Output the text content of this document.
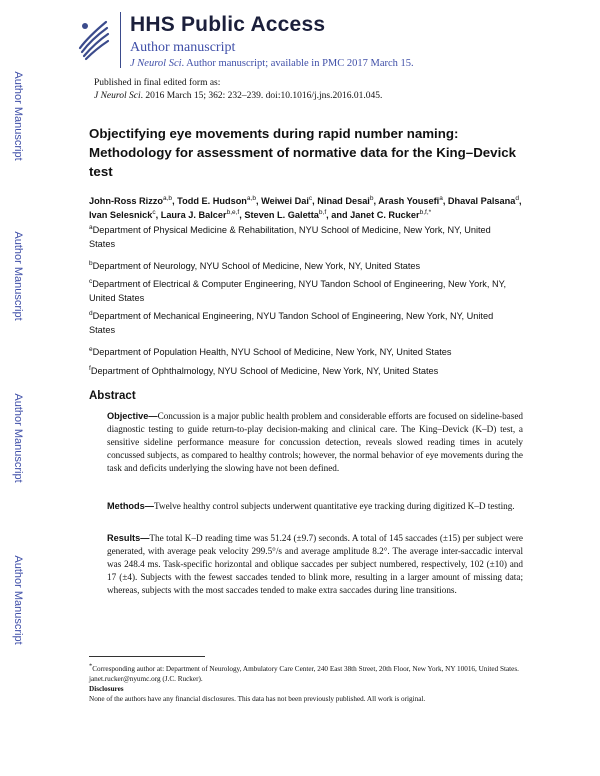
HHS Public Access
Author manuscript
J Neurol Sci. Author manuscript; available in PMC 2017 March 15.
Published in final edited form as:
J Neurol Sci. 2016 March 15; 362: 232–239. doi:10.1016/j.jns.2016.01.045.
Author Manuscript
Author Manuscript
Author Manuscript
Author Manuscript
Objectifying eye movements during rapid number naming: Methodology for assessment of normative data for the King–Devick test
John-Ross Rizzo$^{a,b}$, Todd E. Hudson$^{a,b}$, Weiwei Dai$^c$, Ninad Desai$^b$, Arash Yousefi$^a$, Dhaval Palsana$^d$, Ivan Selesnick$^c$, Laura J. Balcer$^{b,e,f}$, Steven L. Galetta$^{b,f}$, and Janet C. Rucker$^{b,f,*}$
$^a$Department of Physical Medicine & Rehabilitation, NYU School of Medicine, New York, NY, United States
$^b$Department of Neurology, NYU School of Medicine, New York, NY, United States
$^c$Department of Electrical & Computer Engineering, NYU Tandon School of Engineering, New York, NY, United States
$^d$Department of Mechanical Engineering, NYU Tandon School of Engineering, New York, NY, United States
$^e$Department of Population Health, NYU School of Medicine, New York, NY, United States
$^f$Department of Ophthalmology, NYU School of Medicine, New York, NY, United States
Abstract
Objective—Concussion is a major public health problem and considerable efforts are focused on sideline-based diagnostic testing to guide return-to-play decision-making and clinical care. The King–Devick (K–D) test, a sensitive sideline performance measure for concussion detection, reveals slowed reading times in acutely concussed subjects, as compared to healthy controls; however, the normal behavior of eye movements during the task and deficits underlying the slowing have not been defined.
Methods—Twelve healthy control subjects underwent quantitative eye tracking during digitized K–D testing.
Results—The total K–D reading time was 51.24 (±9.7) seconds. A total of 145 saccades (±15) per subject were generated, with average peak velocity 299.5°/s and average amplitude 8.2°. The average inter-saccadic interval was 248.4 ms. Task-specific horizontal and oblique saccades per subject numbered, respectively, 102 (±10) and 17 (±4). Subjects with the fewest saccades tended to blink more, resulting in a larger amount of missing data; whereas, subjects with the most saccades tended to make extra saccades during line transitions.
*Corresponding author at: Department of Neurology, Ambulatory Care Center, 240 East 38th Street, 20th Floor, New York, NY 10016, United States. janet.rucker@nyumc.org (J.C. Rucker).
Disclosures
None of the authors have any financial disclosures. This data has not been previously published. All work is original.
